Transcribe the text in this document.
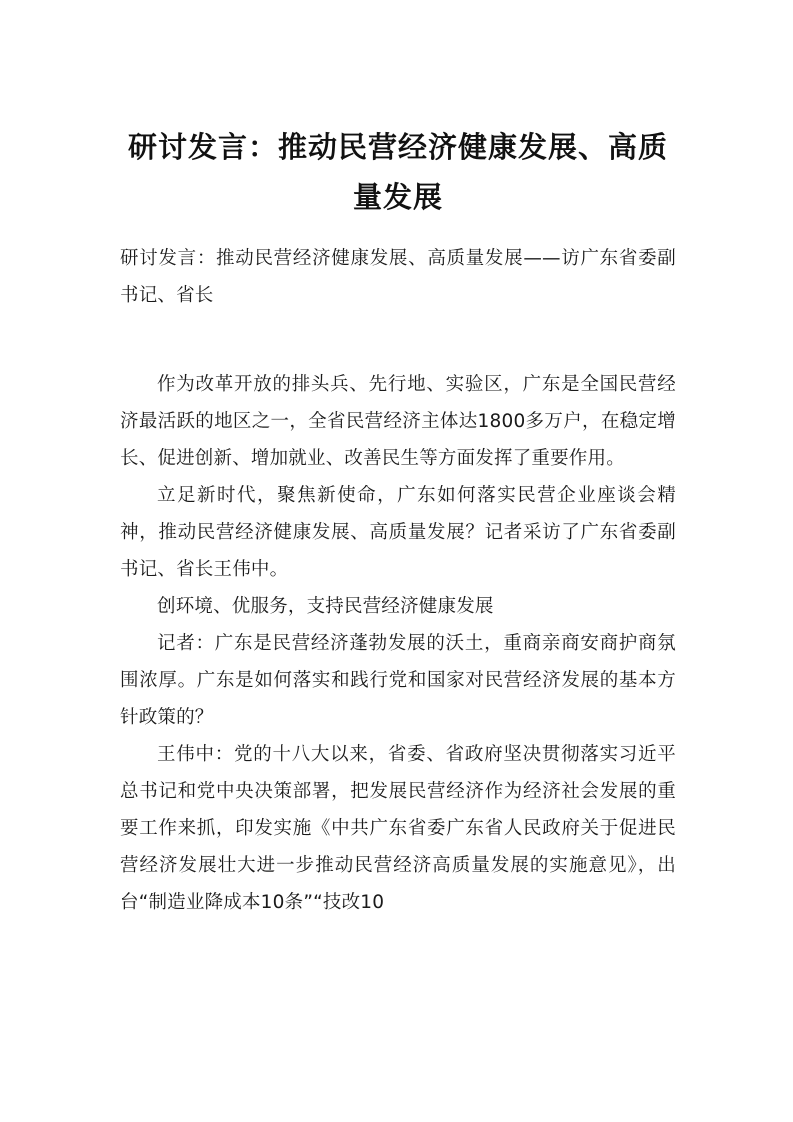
研讨发言：推动民营经济健康发展、高质量发展

研讨发言：推动民营经济健康发展、高质量发展——访广东省委副书记、省长

作为改革开放的排头兵、先行地、实验区，广东是全国民营经济最活跃的地区之一，全省民营经济主体达1800多万户，在稳定增长、促进创新、增加就业、改善民生等方面发挥了重要作用。

立足新时代，聚焦新使命，广东如何落实民营企业座谈会精神，推动民营经济健康发展、高质量发展？记者采访了广东省委副书记、省长王伟中。

创环境、优服务，支持民营经济健康发展

记者：广东是民营经济蓬勃发展的沃土，重商亲商安商护商氛围浓厚。广东是如何落实和践行党和国家对民营经济发展的基本方针政策的？

王伟中：党的十八大以来，省委、省政府坚决贯彻落实习近平总书记和党中央决策部署，把发展民营经济作为经济社会发展的重要工作来抓，印发实施《中共广东省委广东省人民政府关于促进民营经济发展壮大进一步推动民营经济高质量发展的实施意见》，出台“制造业降成本10条”“技改10
